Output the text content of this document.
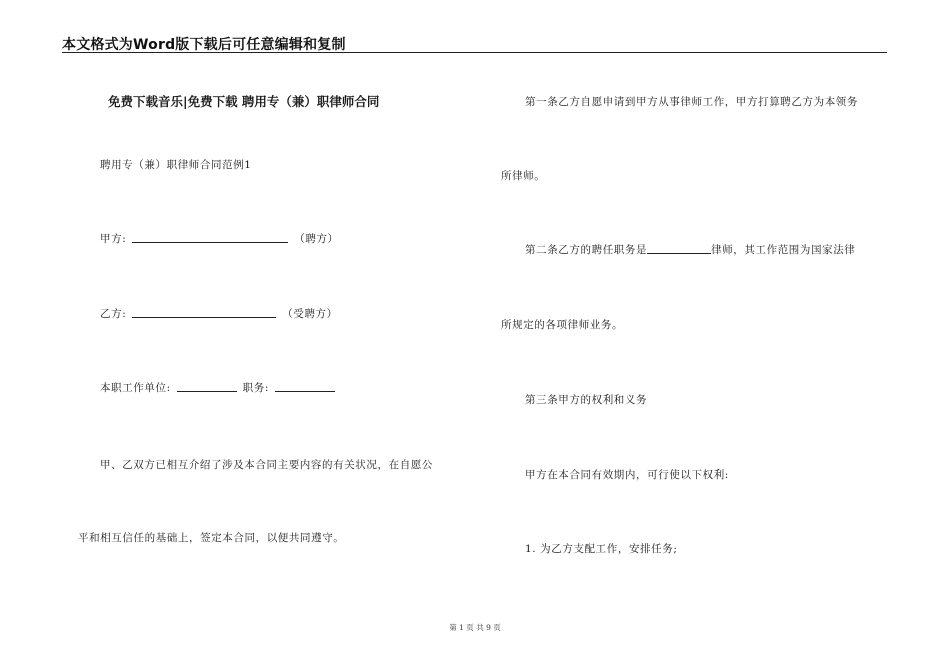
本文格式为Word版下载后可任意编辑和复制
免费下载音乐|免费下载 聘用专（兼）职律师合同
聘用专（兼）职律师合同范例1
甲方:	（聘方）
乙方:	（受聘方）
本职工作单位:	职务:
甲、乙双方已相互介绍了涉及本合同主要内容的有关状况，在自愿公
平和相互信任的基础上，签定本合同，以便共同遵守。
第一条乙方自愿申请到甲方从事律师工作，甲方打算聘乙方为本领务
所律师。
第二条乙方的聘任职务是	律师，其工作范围为国家法律
所规定的各项律师业务。
第三条甲方的权利和义务
甲方在本合同有效期内，可行使以下权利:
1. 为乙方支配工作，安排任务;
第 1 页 共 9 页
